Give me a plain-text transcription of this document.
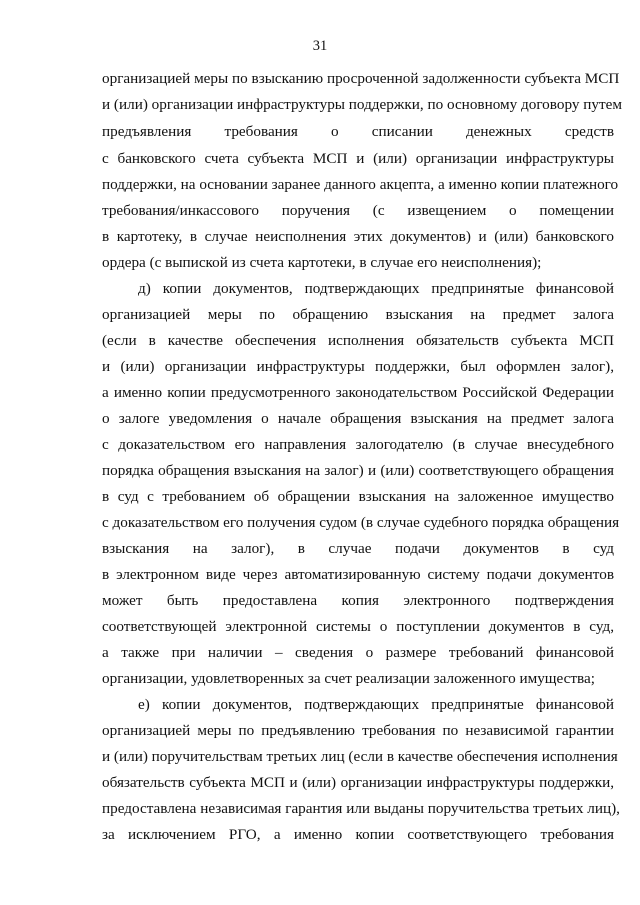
31
организацией меры по взысканию просроченной задолженности субъекта МСП
и (или) организации инфраструктуры поддержки, по основному договору путем
предъявления требования о списании денежных средств
с банковского счета субъекта МСП и (или) организации инфраструктуры
поддержки, на основании заранее данного акцепта, а именно копии платежного
требования/инкассового поручения (с извещением о помещении
в картотеку, в случае неисполнения этих документов) и (или) банковского
ордера (с выпиской из счета картотеки, в случае его неисполнения);
д) копии документов, подтверждающих предпринятые финансовой
организацией меры по обращению взыскания на предмет залога
(если в качестве обеспечения исполнения обязательств субъекта МСП
и (или) организации инфраструктуры поддержки, был оформлен залог),
а именно копии предусмотренного законодательством Российской Федерации
о залоге уведомления о начале обращения взыскания на предмет залога
с доказательством его направления залогодателю (в случае внесудебного
порядка обращения взыскания на залог) и (или) соответствующего обращения
в суд с требованием об обращении взыскания на заложенное имущество
с доказательством его получения судом (в случае судебного порядка обращения
взыскания на залог), в случае подачи документов в суд
в электронном виде через автоматизированную систему подачи документов
может быть предоставлена копия электронного подтверждения
соответствующей электронной системы о поступлении документов в суд,
а также при наличии – сведения о размере требований финансовой
организации, удовлетворенных за счет реализации заложенного имущества;
е) копии документов, подтверждающих предпринятые финансовой
организацией меры по предъявлению требования по независимой гарантии
и (или) поручительствам третьих лиц (если в качестве обеспечения исполнения
обязательств субъекта МСП и (или) организации инфраструктуры поддержки,
предоставлена независимая гарантия или выданы поручительства третьих лиц),
за исключением РГО, а именно копии соответствующего требования
